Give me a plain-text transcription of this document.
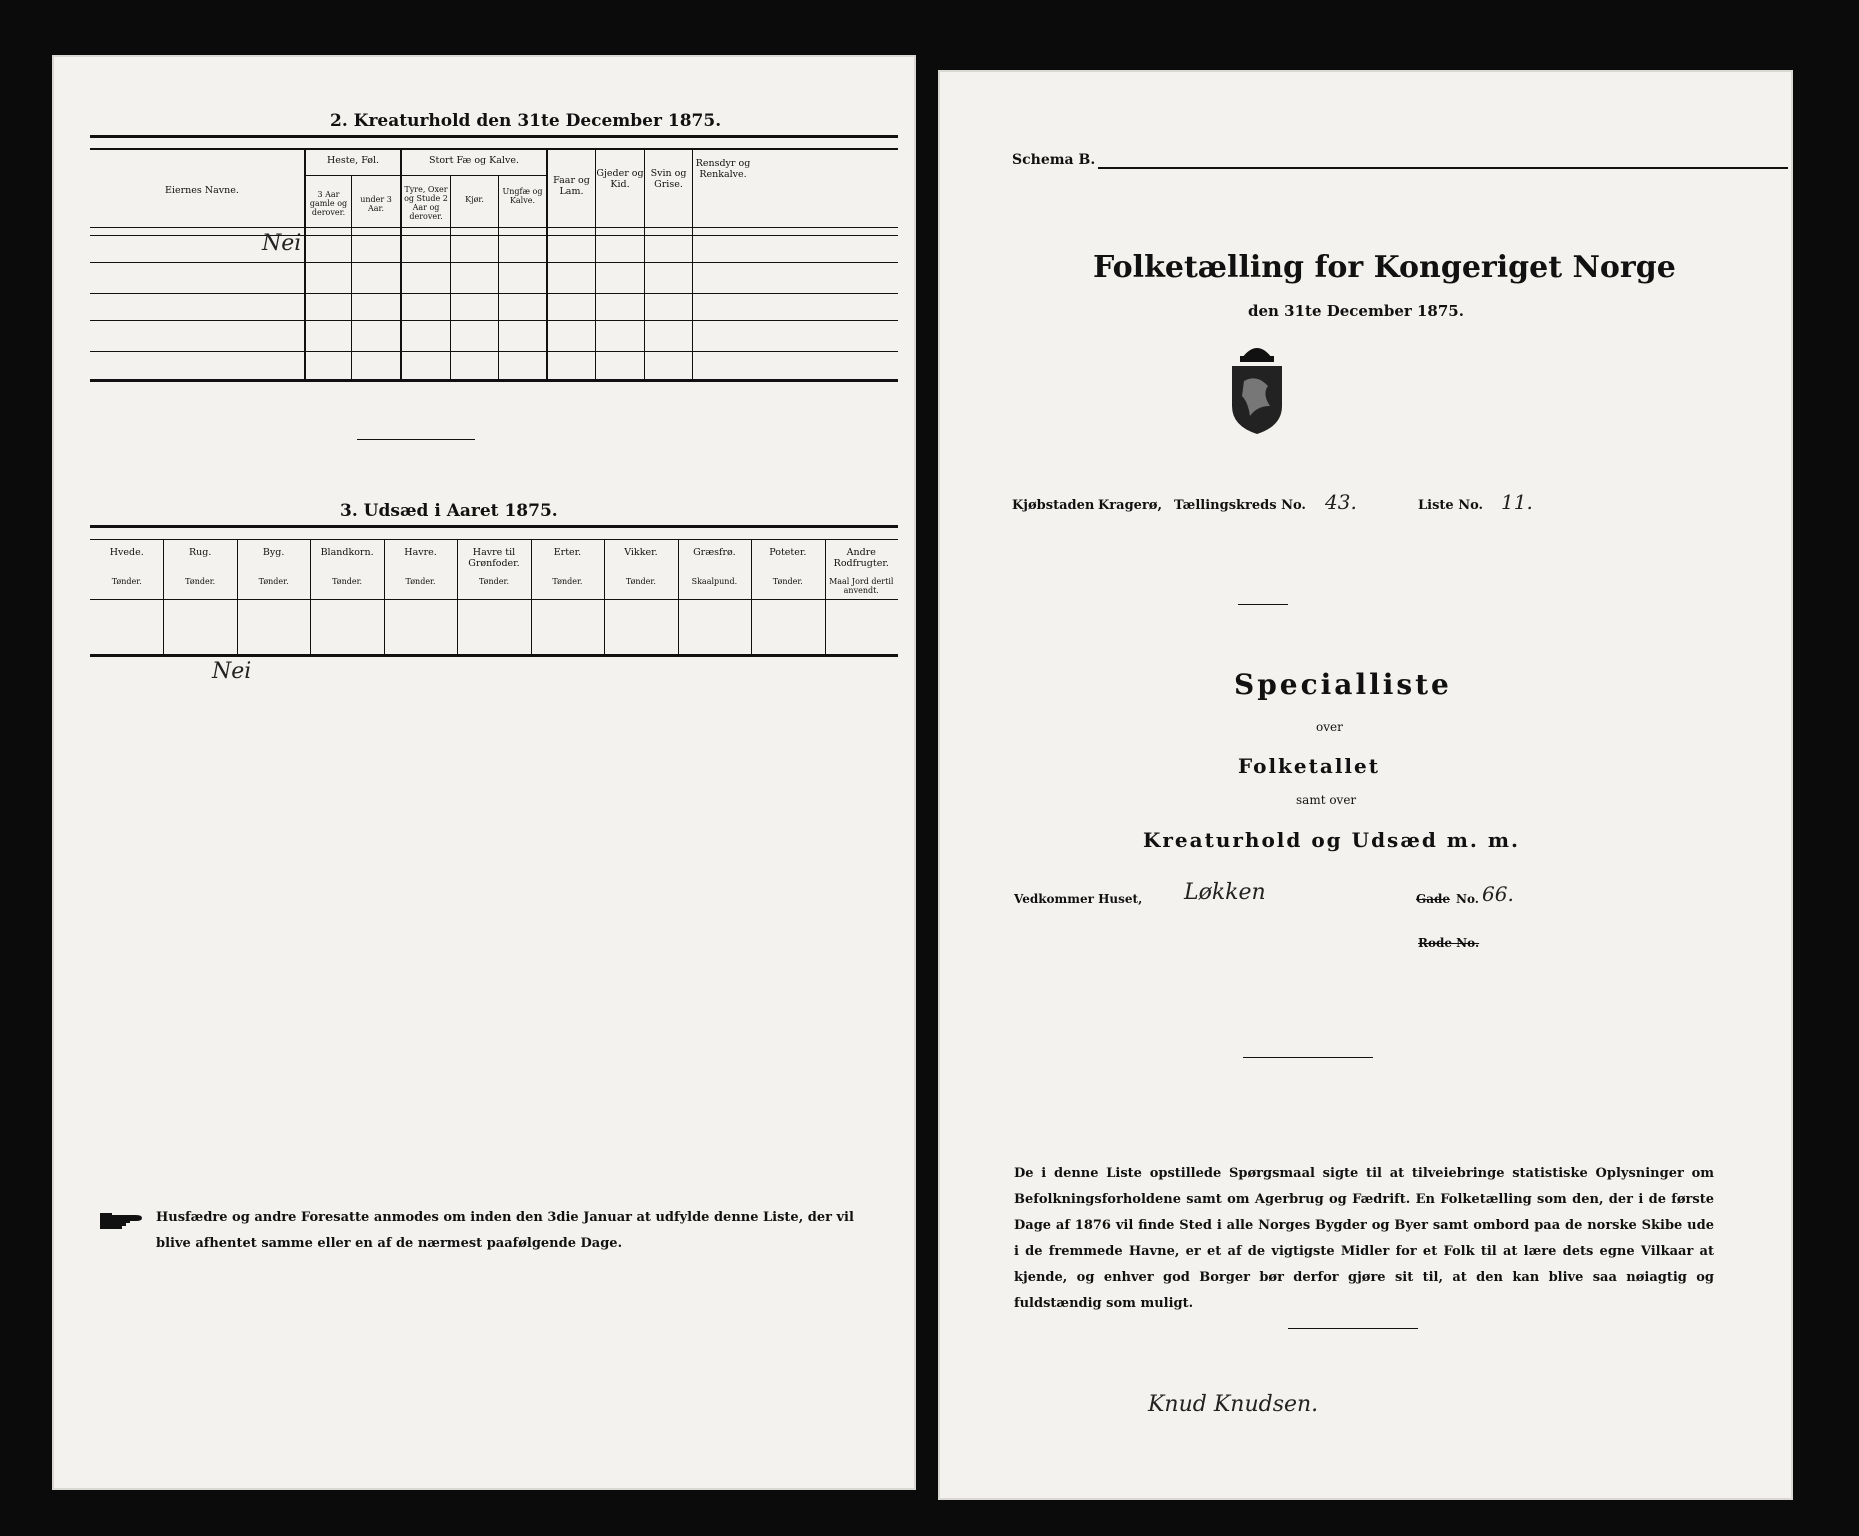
2. Kreaturhold den 31te December 1875.
Eiernes Navne.
Heste, Føl.
3 Aar gamle og derover.
under 3 Aar.
Stort Fæ og Kalve.
Tyre, Oxer og Stude 2 Aar og derover.
Kjør.
Ungfæ og Kalve.
Faar og Lam.
Gjeder og Kid.
Svin og Grise.
Rensdyr og Renkalve.
Nei
3. Udsæd i Aaret 1875.
Hvede.
Tønder.
Rug.
Tønder.
Byg.
Tønder.
Blandkorn.
Tønder.
Havre.
Tønder.
Havre til Grønfoder.
Tønder.
Erter.
Tønder.
Vikker.
Tønder.
Græsfrø.
Skaalpund.
Poteter.
Tønder.
Andre Rodfrugter.
Maal Jord dertil anvendt.
Nei
Husfædre og andre Foresatte anmodes om inden den 3die Januar at udfylde denne Liste, der vil blive afhentet samme eller en af de nærmest paafølgende Dage.
Schema B.
Folketælling for Kongeriget Norge
den 31te December 1875.
Kjøbstaden Kragerø, Tællingskreds No. 43.	Liste No. 11.
Specialliste
over
Folketallet
samt over
Kreaturhold og Udsæd m. m.
Vedkommer Huset, Løkken	Gade No. 66.
Rode No.
De i denne Liste opstillede Spørgsmaal sigte til at tilveiebringe statistiske Oplysninger om Befolkningsforholdene samt om Agerbrug og Fædrift. En Folketælling som den, der i de første Dage af 1876 vil finde Sted i alle Norges Bygder og Byer samt ombord paa de norske Skibe ude i de fremmede Havne, er et af de vigtigste Midler for et Folk til at lære dets egne Vilkaar at kjende, og enhver god Borger bør derfor gjøre sit til, at den kan blive saa nøiagtig og fuldstændig som muligt.
Knud Knudsen.
